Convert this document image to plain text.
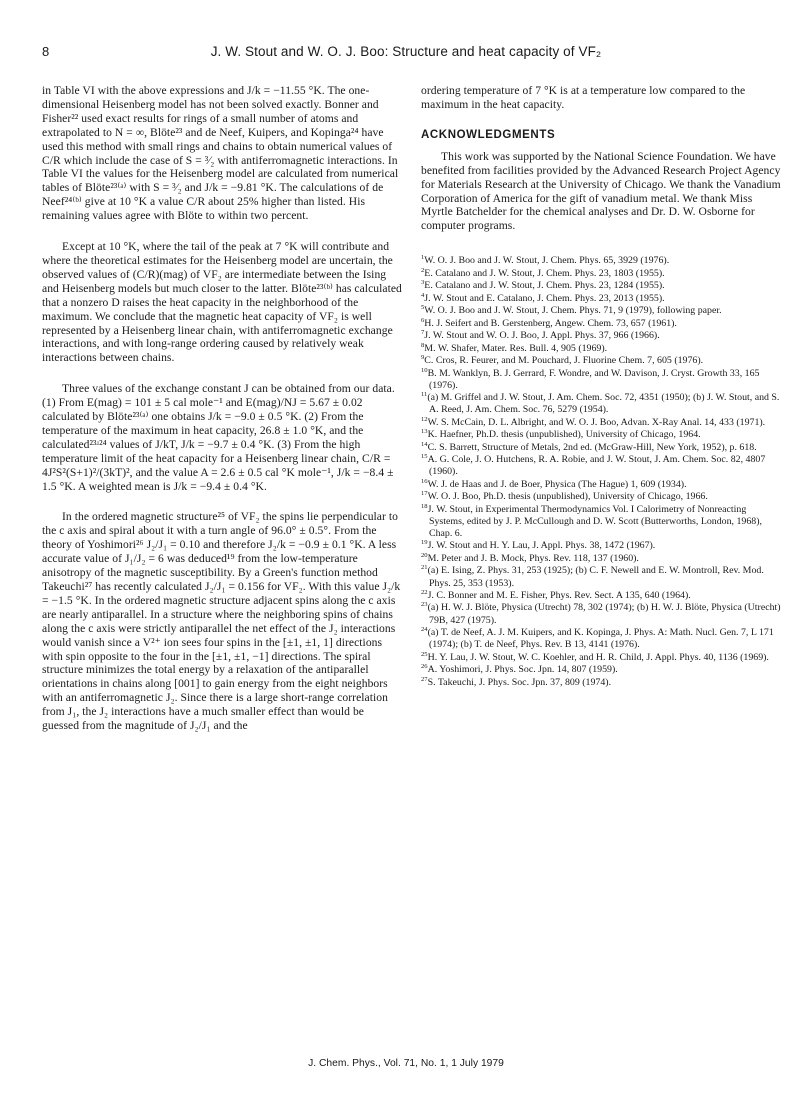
8	J. W. Stout and W. O. J. Boo: Structure and heat capacity of VF₂

in Table VI with the above expressions and J/k = −11.55 °K. The one-dimensional Heisenberg model has not been solved exactly. Bonner and Fisher²² used exact results for rings of a small number of atoms and extrapolated to N = ∞, Blöte²³ and de Neef, Kuipers, and Kopinga²⁴ have used this method with small rings and chains to obtain numerical values of C/R which include the case of S = ³⁄₂ with antiferromagnetic interactions. In Table VI the values for the Heisenberg model are calculated from numerical tables of Blöte²³⁽ᵃ⁾ with S = ³⁄₂ and J/k = −9.81 °K. The calculations of de Neef²⁴⁽ᵇ⁾ give at 10 °K a value C/R about 25% higher than listed. His remaining values agree with Blöte to within two percent.

Except at 10 °K, where the tail of the peak at 7 °K will contribute and where the theoretical estimates for the Heisenberg model are uncertain, the observed values of (C/R)(mag) of VF₂ are intermediate between the Ising and Heisenberg models but much closer to the latter. Blöte²³⁽ᵇ⁾ has calculated that a nonzero D raises the heat capacity in the neighborhood of the maximum. We conclude that the magnetic heat capacity of VF₂ is well represented by a Heisenberg linear chain, with antiferromagnetic exchange interactions, and with long-range ordering caused by relatively weak interactions between chains.

Three values of the exchange constant J can be obtained from our data. (1) From E(mag) = 101 ± 5 cal mole⁻¹ and E(mag)/NJ = 5.67 ± 0.02 calculated by Blöte²³⁽ᵃ⁾ one obtains J/k = −9.0 ± 0.5 °K. (2) From the temperature of the maximum in heat capacity, 26.8 ± 1.0 °K, and the calculated²³ʴ²⁴ values of J/kT, J/k = −9.7 ± 0.4 °K. (3) From the high temperature limit of the heat capacity for a Heisenberg linear chain, C/R = 4J²S²(S+1)²/(3kT)², and the value A = 2.6 ± 0.5 cal °K mole⁻¹, J/k = −8.4 ± 1.5 °K. A weighted mean is J/k = −9.4 ± 0.4 °K.

In the ordered magnetic structure²⁵ of VF₂ the spins lie perpendicular to the c axis and spiral about it with a turn angle of 96.0° ± 0.5°. From the theory of Yoshimori²⁶ J₂/J₁ = 0.10 and therefore J₂/k = −0.9 ± 0.1 °K. A less accurate value of J₁/J₂ = 6 was deduced¹⁹ from the low-temperature anisotropy of the magnetic susceptibility. By a Green's function method Takeuchi²⁷ has recently calculated J₂/J₁ = 0.156 for VF₂. With this value J₂/k = −1.5 °K. In the ordered magnetic structure adjacent spins along the c axis are nearly antiparallel. In a structure where the neighboring spins of chains along the c axis were strictly antiparallel the net effect of the J₂ interactions would vanish since a V²⁺ ion sees four spins in the [±1, ±1, 1] directions with spin opposite to the four in the [±1, ±1, −1] directions. The spiral structure minimizes the total energy by a relaxation of the antiparallel orientations in chains along [001] to gain energy from the eight neighbors with an antiferromagnetic J₂. Since there is a large short-range correlation from J₁, the J₂ interactions have a much smaller effect than would be guessed from the magnitude of J₂/J₁ and the

ordering temperature of 7 °K is at a temperature low compared to the maximum in the heat capacity.

ACKNOWLEDGMENTS

This work was supported by the National Science Foundation. We have benefited from facilities provided by the Advanced Research Project Agency for Materials Research at the University of Chicago. We thank the Vanadium Corporation of America for the gift of vanadium metal. We thank Miss Myrtle Batchelder for the chemical analyses and Dr. D. W. Osborne for computer programs.

$^1$W. O. J. Boo and J. W. Stout, J. Chem. Phys. 65, 3929 (1976).
$^2$E. Catalano and J. W. Stout, J. Chem. Phys. 23, 1803 (1955).
$^3$E. Catalano and J. W. Stout, J. Chem. Phys. 23, 1284 (1955).
$^4$J. W. Stout and E. Catalano, J. Chem. Phys. 23, 2013 (1955).
$^5$W. O. J. Boo and J. W. Stout, J. Chem. Phys. 71, 9 (1979), following paper.
$^6$H. J. Seifert and B. Gerstenberg, Angew. Chem. 73, 657 (1961).
$^7$J. W. Stout and W. O. J. Boo, J. Appl. Phys. 37, 966 (1966).
$^8$M. W. Shafer, Mater. Res. Bull. 4, 905 (1969).
$^9$C. Cros, R. Feurer, and M. Pouchard, J. Fluorine Chem. 7, 605 (1976).
$^{10}$B. M. Wanklyn, B. J. Gerrard, F. Wondre, and W. Davison, J. Cryst. Growth 33, 165 (1976).
$^{11}$(a) M. Griffel and J. W. Stout, J. Am. Chem. Soc. 72, 4351 (1950); (b) J. W. Stout, and S. A. Reed, J. Am. Chem. Soc. 76, 5279 (1954).
$^{12}$W. S. McCain, D. L. Albright, and W. O. J. Boo, Advan. X-Ray Anal. 14, 433 (1971).
$^{13}$K. Haefner, Ph.D. thesis (unpublished), University of Chicago, 1964.
$^{14}$C. S. Barrett, Structure of Metals, 2nd ed. (McGraw-Hill, New York, 1952), p. 618.
$^{15}$A. G. Cole, J. O. Hutchens, R. A. Robie, and J. W. Stout, J. Am. Chem. Soc. 82, 4807 (1960).
$^{16}$W. J. de Haas and J. de Boer, Physica (The Hague) 1, 609 (1934).
$^{17}$W. O. J. Boo, Ph.D. thesis (unpublished), University of Chicago, 1966.
$^{18}$J. W. Stout, in Experimental Thermodynamics Vol. I Calorimetry of Nonreacting Systems, edited by J. P. McCullough and D. W. Scott (Butterworths, London, 1968), Chap. 6.
$^{19}$J. W. Stout and H. Y. Lau, J. Appl. Phys. 38, 1472 (1967).
$^{20}$M. Peter and J. B. Mock, Phys. Rev. 118, 137 (1960).
$^{21}$(a) E. Ising, Z. Phys. 31, 253 (1925); (b) C. F. Newell and E. W. Montroll, Rev. Mod. Phys. 25, 353 (1953).
$^{22}$J. C. Bonner and M. E. Fisher, Phys. Rev. Sect. A 135, 640 (1964).
$^{23}$(a) H. W. J. Blöte, Physica (Utrecht) 78, 302 (1974); (b) H. W. J. Blöte, Physica (Utrecht) 79B, 427 (1975).
$^{24}$(a) T. de Neef, A. J. M. Kuipers, and K. Kopinga, J. Phys. A: Math. Nucl. Gen. 7, L 171 (1974); (b) T. de Neef, Phys. Rev. B 13, 4141 (1976).
$^{25}$H. Y. Lau, J. W. Stout, W. C. Koehler, and H. R. Child, J. Appl. Phys. 40, 1136 (1969).
$^{26}$A. Yoshimori, J. Phys. Soc. Jpn. 14, 807 (1959).
$^{27}$S. Takeuchi, J. Phys. Soc. Jpn. 37, 809 (1974).
J. Chem. Phys., Vol. 71, No. 1, 1 July 1979
